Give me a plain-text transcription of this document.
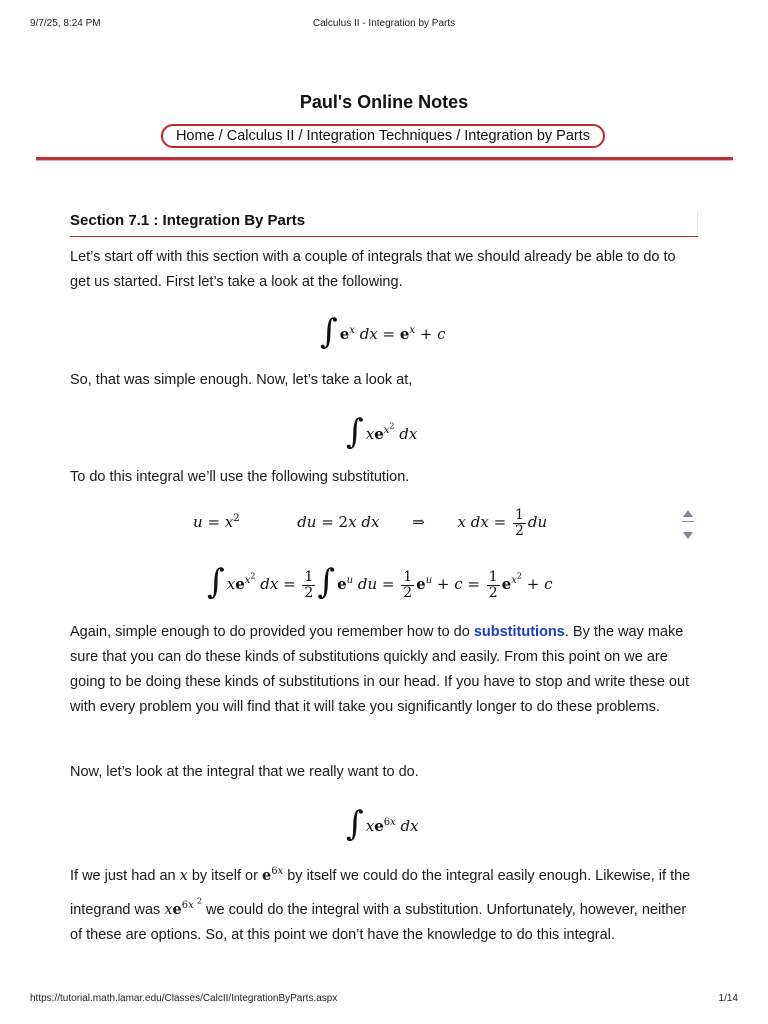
9/7/25, 8:24 PM	Calculus II - Integration by Parts
Paul's Online Notes
Home / Calculus II / Integration Techniques / Integration by Parts
Section 7.1 : Integration By Parts
Let’s start off with this section with a couple of integrals that we should already be able to do to get us started. First let’s take a look at the following.
∫ $e^x$ dx = $e^x + c$
So, that was simple enough. Now, let’s take a look at,
∫ $xe^{x^2}$ dx
To do this integral we’ll use the following substitution.
$u = x^2$	du = 2x dx ⇒ x dx = $\frac{1}{2}$ du
∫ $xe^{x^2}$ dx = $\frac{1}{2}$ ∫ $e^u$ du = $\frac{1}{2} e^u + c = \frac{1}{2} e^{x^2} + c$
Again, simple enough to do provided you remember how to do substitutions. By the way make sure that you can do these kinds of substitutions quickly and easily. From this point on we are going to be doing these kinds of substitutions in our head. If you have to stop and write these out with every problem you will find that it will take you significantly longer to do these problems.
Now, let’s look at the integral that we really want to do.
∫ $xe^{6x}$ dx
If we just had an x by itself or $e^{6x}$ by itself we could do the integral easily enough. Likewise, if the integrand was $xe^{6x ^2}$ we could do the integral with a substitution. Unfortunately, however, neither of these are options. So, at this point we don’t have the knowledge to do this integral.
https://tutorial.math.lamar.edu/Classes/CalcII/IntegrationByParts.aspx	1/14
